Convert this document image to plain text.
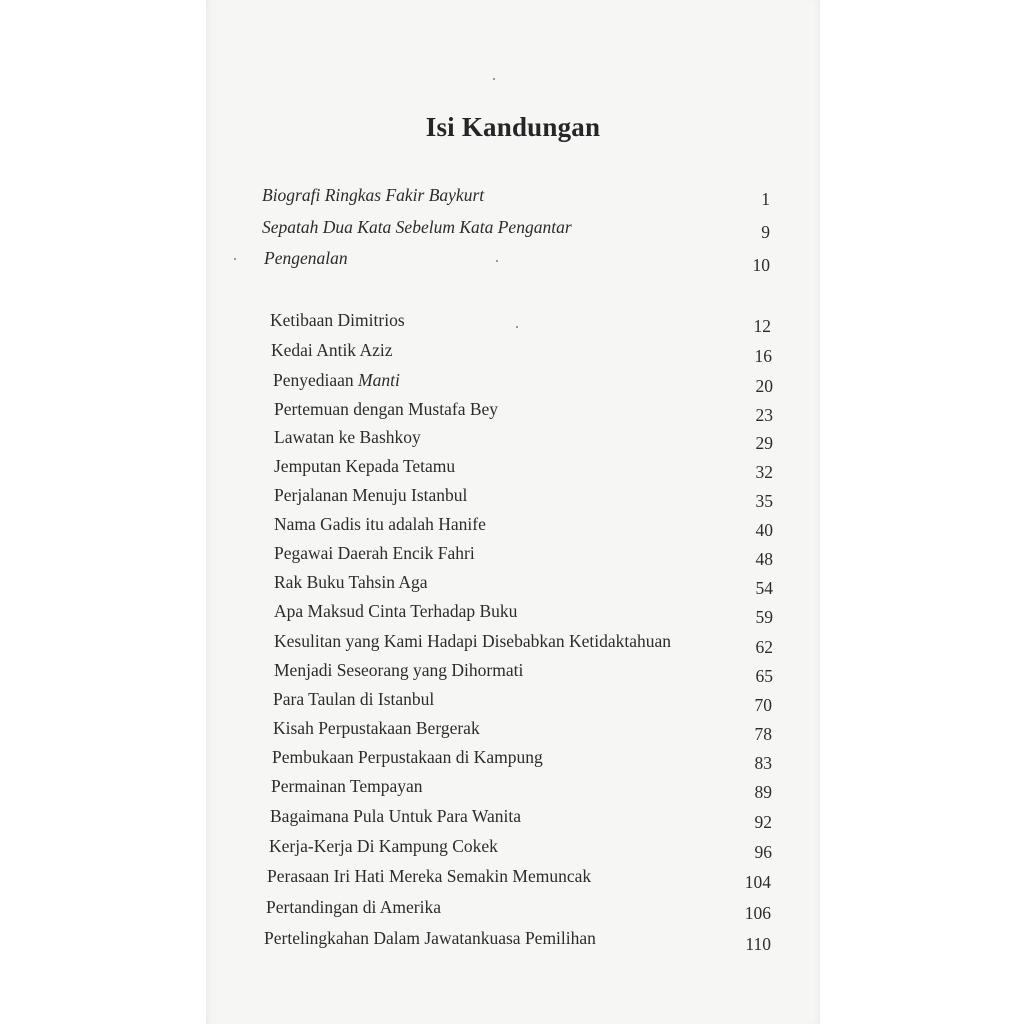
Isi Kandungan
Biografi Ringkas Fakir Baykurt	1
Sepatah Dua Kata Sebelum Kata Pengantar	9
Pengenalan	10
Ketibaan Dimitrios	12
Kedai Antik Aziz	16
Penyediaan Manti	20
Pertemuan dengan Mustafa Bey	23
Lawatan ke Bashkoy	29
Jemputan Kepada Tetamu	32
Perjalanan Menuju Istanbul	35
Nama Gadis itu adalah Hanife	40
Pegawai Daerah Encik Fahri	48
Rak Buku Tahsin Aga	54
Apa Maksud Cinta Terhadap Buku	59
Kesulitan yang Kami Hadapi Disebabkan Ketidaktahuan	62
Menjadi Seseorang yang Dihormati	65
Para Taulan di Istanbul	70
Kisah Perpustakaan Bergerak	78
Pembukaan Perpustakaan di Kampung	83
Permainan Tempayan	89
Bagaimana Pula Untuk Para Wanita	92
Kerja-Kerja Di Kampung Cokek	96
Perasaan Iri Hati Mereka Semakin Memuncak	104
Pertandingan di Amerika	106
Pertelingkahan Dalam Jawatankuasa Pemilihan	110
